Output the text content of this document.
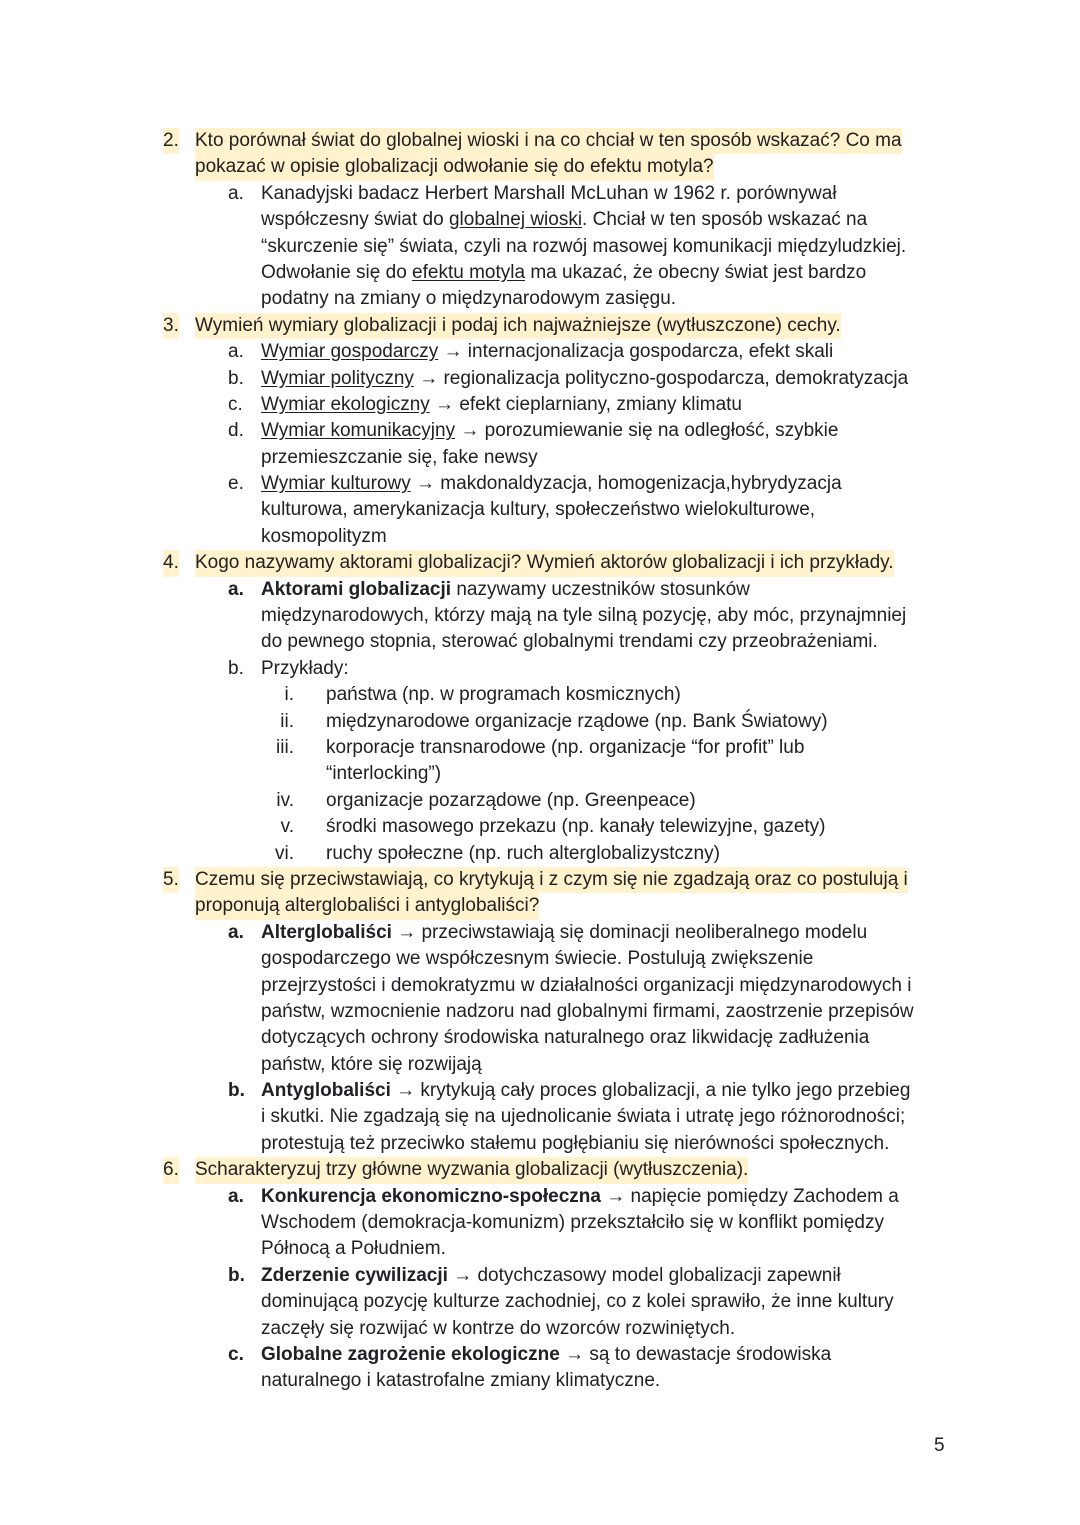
2. Kto porównał świat do globalnej wioski i na co chciał w ten sposób wskazać? Co ma
pokazać w opisie globalizacji odwołanie się do efektu motyla?
a. Kanadyjski badacz Herbert Marshall McLuhan w 1962 r. porównywał
współczesny świat do globalnej wioski. Chciał w ten sposób wskazać na
“skurczenie się” świata, czyli na rozwój masowej komunikacji międzyludzkiej.
Odwołanie się do efektu motyla ma ukazać, że obecny świat jest bardzo
podatny na zmiany o międzynarodowym zasięgu.
3. Wymień wymiary globalizacji i podaj ich najważniejsze (wytłuszczone) cechy.
a. Wymiar gospodarczy → internacjonalizacja gospodarcza, efekt skali
b. Wymiar polityczny → regionalizacja polityczno-gospodarcza, demokratyzacja
c. Wymiar ekologiczny → efekt cieplarniany, zmiany klimatu
d. Wymiar komunikacyjny → porozumiewanie się na odległość, szybkie
przemieszczanie się, fake newsy
e. Wymiar kulturowy → makdonaldyzacja, homogenizacja,hybrydyzacja
kulturowa, amerykanizacja kultury, społeczeństwo wielokulturowe,
kosmopolityzm
4. Kogo nazywamy aktorami globalizacji? Wymień aktorów globalizacji i ich przykłady.
a. Aktorami globalizacji nazywamy uczestników stosunków
międzynarodowych, którzy mają na tyle silną pozycję, aby móc, przynajmniej
do pewnego stopnia, sterować globalnymi trendami czy przeobrażeniami.
b. Przykłady:
i. państwa (np. w programach kosmicznych)
ii. międzynarodowe organizacje rządowe (np. Bank Światowy)
iii. korporacje transnarodowe (np. organizacje “for profit” lub
“interlocking”)
iv. organizacje pozarządowe (np. Greenpeace)
v. środki masowego przekazu (np. kanały telewizyjne, gazety)
vi. ruchy społeczne (np. ruch alterglobalizystczny)
5. Czemu się przeciwstawiają, co krytykują i z czym się nie zgadzają oraz co postulują i
proponują alterglobaliści i antyglobaliści?
a. Alterglobaliści → przeciwstawiają się dominacji neoliberalnego modelu
gospodarczego we współczesnym świecie. Postulują zwiększenie
przejrzystości i demokratyzmu w działalności organizacji międzynarodowych i
państw, wzmocnienie nadzoru nad globalnymi firmami, zaostrzenie przepisów
dotyczących ochrony środowiska naturalnego oraz likwidację zadłużenia
państw, które się rozwijają
b. Antyglobaliści → krytykują cały proces globalizacji, a nie tylko jego przebieg
i skutki. Nie zgadzają się na ujednolicanie świata i utratę jego różnorodności;
protestują też przeciwko stałemu pogłębianiu się nierówności społecznych.
6. Scharakteryzuj trzy główne wyzwania globalizacji (wytłuszczenia).
a. Konkurencja ekonomiczno-społeczna → napięcie pomiędzy Zachodem a
Wschodem (demokracja-komunizm) przekształciło się w konflikt pomiędzy
Północą a Południem.
b. Zderzenie cywilizacji → dotychczasowy model globalizacji zapewnił
dominującą pozycję kulturze zachodniej, co z kolei sprawiło, że inne kultury
zaczęły się rozwijać w kontrze do wzorców rozwiniętych.
c. Globalne zagrożenie ekologiczne → są to dewastacje środowiska
naturalnego i katastrofalne zmiany klimatyczne.
5
